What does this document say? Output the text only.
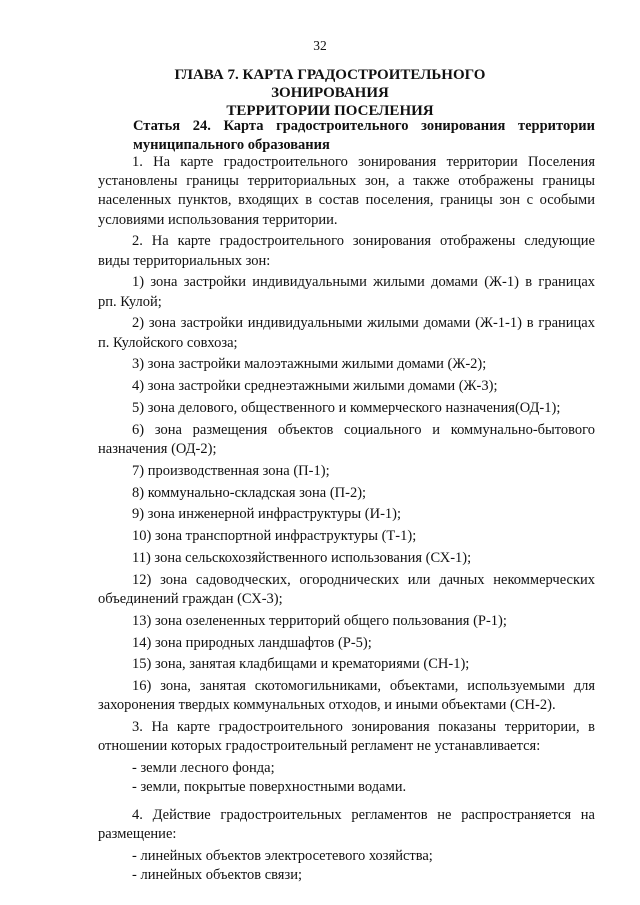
32
ГЛАВА 7. КАРТА ГРАДОСТРОИТЕЛЬНОГО ЗОНИРОВАНИЯ
ТЕРРИТОРИИ ПОСЕЛЕНИЯ
Статья 24. Карта градостроительного зонирования территории муниципального образования

1. На карте градостроительного зонирования территории Поселения установлены границы территориальных зон, а также отображены границы населенных пунктов, входящих в состав поселения, границы зон с особыми условиями использования территории.

2. На карте градостроительного зонирования отображены следующие виды территориальных зон:

1) зона застройки индивидуальными жилыми домами (Ж-1) в границах рп. Кулой;

2) зона застройки индивидуальными жилыми домами (Ж-1-1) в границах п. Кулойского совхоза;

3) зона застройки малоэтажными жилыми домами (Ж-2);

4) зона застройки среднеэтажными жилыми домами (Ж-3);

5) зона делового, общественного и коммерческого назначения(ОД-1);

6) зона размещения объектов социального и коммунально-бытового назначения (ОД-2);

7) производственная зона (П-1);

8) коммунально-складская зона (П-2);

9) зона инженерной инфраструктуры (И-1);

10) зона транспортной инфраструктуры (Т-1);

11) зона сельскохозяйственного использования (СХ-1);

12) зона садоводческих, огороднических или дачных некоммерческих объединений граждан (СХ-3);

13) зона озелененных территорий общего пользования (Р-1);

14) зона природных ландшафтов (Р-5);

15) зона, занятая кладбищами и крематориями (СН-1);

16) зона, занятая скотомогильниками, объектами, используемыми для захоронения твердых коммунальных отходов, и иными объектами (СН-2).

3. На карте градостроительного зонирования показаны территории, в отношении которых градостроительный регламент не устанавливается:

- земли лесного фонда;
- земли, покрытые поверхностными водами.

4. Действие градостроительных регламентов не распространяется на размещение:

- линейных объектов электросетевого хозяйства;
- линейных объектов связи;
